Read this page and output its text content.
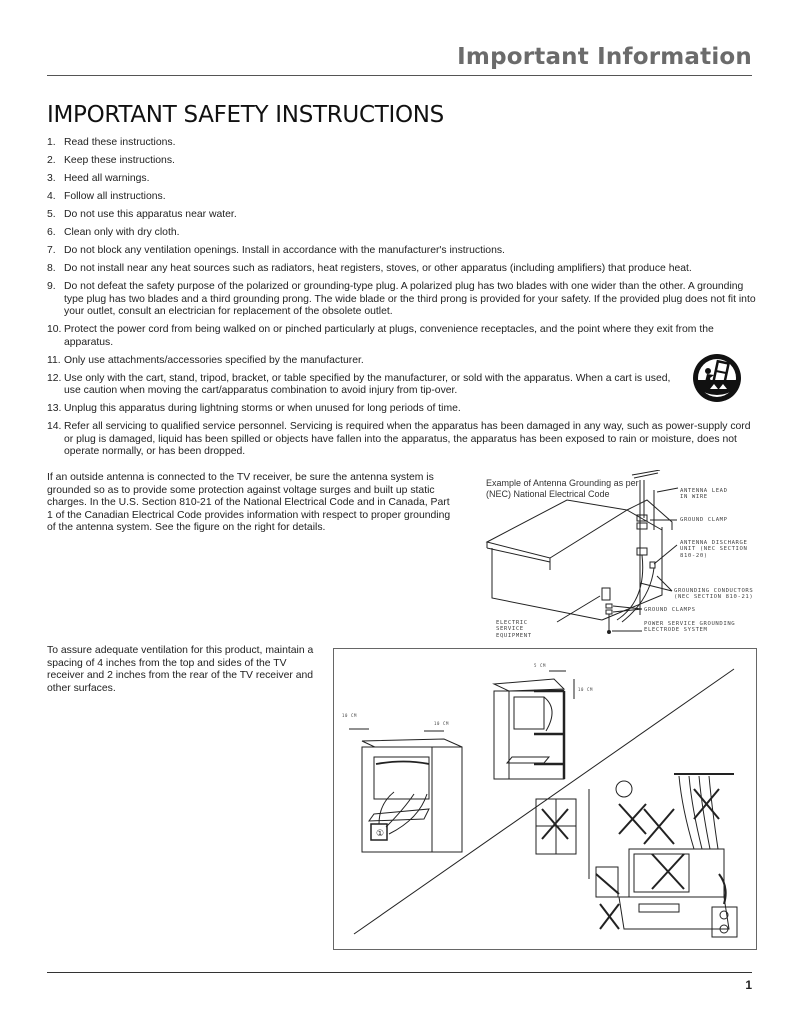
Important Information
IMPORTANT SAFETY INSTRUCTIONS
1. Read these instructions.
2. Keep these instructions.
3. Heed all warnings.
4. Follow all instructions.
5. Do not use this apparatus near water.
6. Clean only with dry cloth.
7. Do not block any ventilation openings. Install in accordance with the manufacturer's instructions.
8. Do not install near any heat sources such as radiators, heat registers, stoves, or other apparatus (including amplifiers) that produce heat.
9. Do not defeat the safety purpose of the polarized or grounding-type plug. A polarized plug has two blades with one wider than the other. A grounding type plug has two blades and a third grounding prong. The wide blade or the third prong is provided for your safety. If the provided plug does not fit into your outlet, consult an electrician for replacement of the obsolete outlet.
10. Protect the power cord from being walked on or pinched particularly at plugs, convenience receptacles, and the point where they exit from the apparatus.
11. Only use attachments/accessories specified by the manufacturer.
12. Use only with the cart, stand, tripod, bracket, or table specified by the manufacturer, or sold with the apparatus. When a cart is used, use caution when moving the cart/apparatus combination to avoid injury from tip-over.
13. Unplug this apparatus during lightning storms or when unused for long periods of time.
14. Refer all servicing to qualified service personnel. Servicing is required when the apparatus has been damaged in any way, such as power-supply cord or plug is damaged, liquid has been spilled or objects have fallen into the apparatus, the apparatus has been exposed to rain or moisture, does not operate normally, or has been dropped.

If an outside antenna is connected to the TV receiver, be sure the antenna system is grounded so as to provide some protection against voltage surges and built up static charges. In the U.S. Section 810-21 of the National Electrical Code and in Canada, Part 1 of the Canadian Electrical Code provides information with respect to proper grounding of the antenna system. See the figure on the right for details.

Example of Antenna Grounding as per (NEC) National Electrical Code	ANTENNA LEAD IN WIRE
GROUND CLAMP
ANTENNA DISCHARGE UNIT (NEC SECTION 810-20)
GROUNDING CONDUCTORS (NEC SECTION 810-21)
GROUND CLAMPS
POWER SERVICE GROUNDING ELECTRODE SYSTEM
ELECTRIC SERVICE EQUIPMENT

To assure adequate ventilation for this product, maintain a spacing of 4 inches from the top and sides of the TV receiver and 2 inches from the rear of the TV receiver and other surfaces.

①
10 CM
10 CM
5 CM
10 CM
1
